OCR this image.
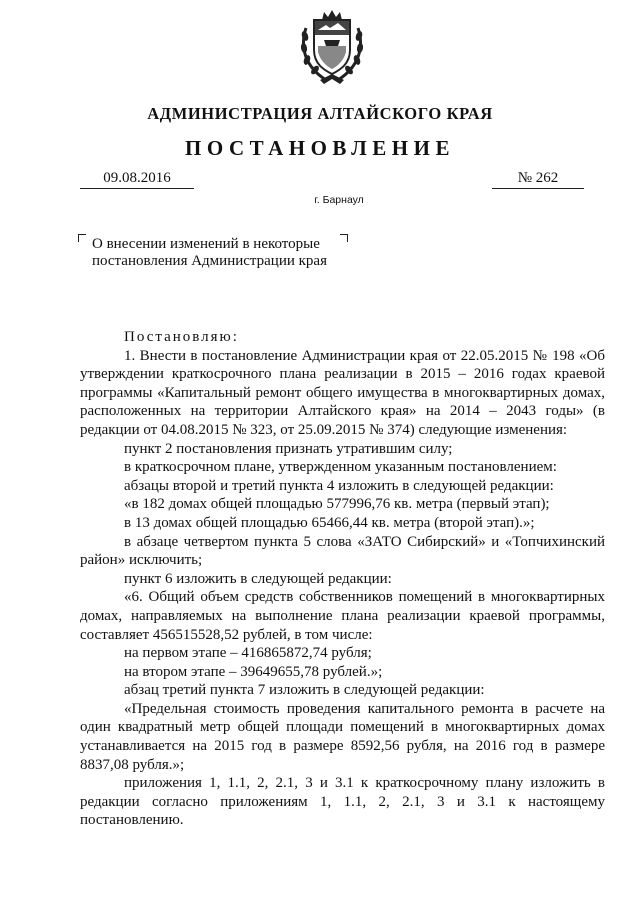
АДМИНИСТРАЦИЯ АЛТАЙСКОГО КРАЯ
ПОСТАНОВЛЕНИЕ
09.08.2016	№ 262
г. Барнаул
О внесении изменений в некоторые постановления Администрации края

Постановляю:

1. Внести в постановление Администрации края от 22.05.2015 № 198 «Об утверждении краткосрочного плана реализации в 2015 – 2016 годах краевой программы «Капитальный ремонт общего имущества в многоквартирных домах, расположенных на территории Алтайского края» на 2014 – 2043 годы» (в редакции от 04.08.2015 № 323, от 25.09.2015 № 374) следующие изменения:

пункт 2 постановления признать утратившим силу;

в краткосрочном плане, утвержденном указанным постановлением:

абзацы второй и третий пункта 4 изложить в следующей редакции:

«в 182 домах общей площадью 577996,76 кв. метра (первый этап);

в 13 домах общей площадью 65466,44 кв. метра (второй этап).»;

в абзаце четвертом пункта 5 слова «ЗАТО Сибирский» и «Топчихинский район» исключить;

пункт 6 изложить в следующей редакции:

«6. Общий объем средств собственников помещений в многоквартирных домах, направляемых на выполнение плана реализации краевой программы, составляет 456515528,52 рублей, в том числе:

на первом этапе – 416865872,74 рубля;

на втором этапе – 39649655,78 рублей.»;

абзац третий пункта 7 изложить в следующей редакции:

«Предельная стоимость проведения капитального ремонта в расчете на один квадратный метр общей площади помещений в многоквартирных домах устанавливается на 2015 год в размере 8592,56 рубля, на 2016 год в размере 8837,08 рубля.»;

приложения 1, 1.1, 2, 2.1, 3 и 3.1 к краткосрочному плану изложить в редакции согласно приложениям 1, 1.1, 2, 2.1, 3 и 3.1 к настоящему постановлению.
